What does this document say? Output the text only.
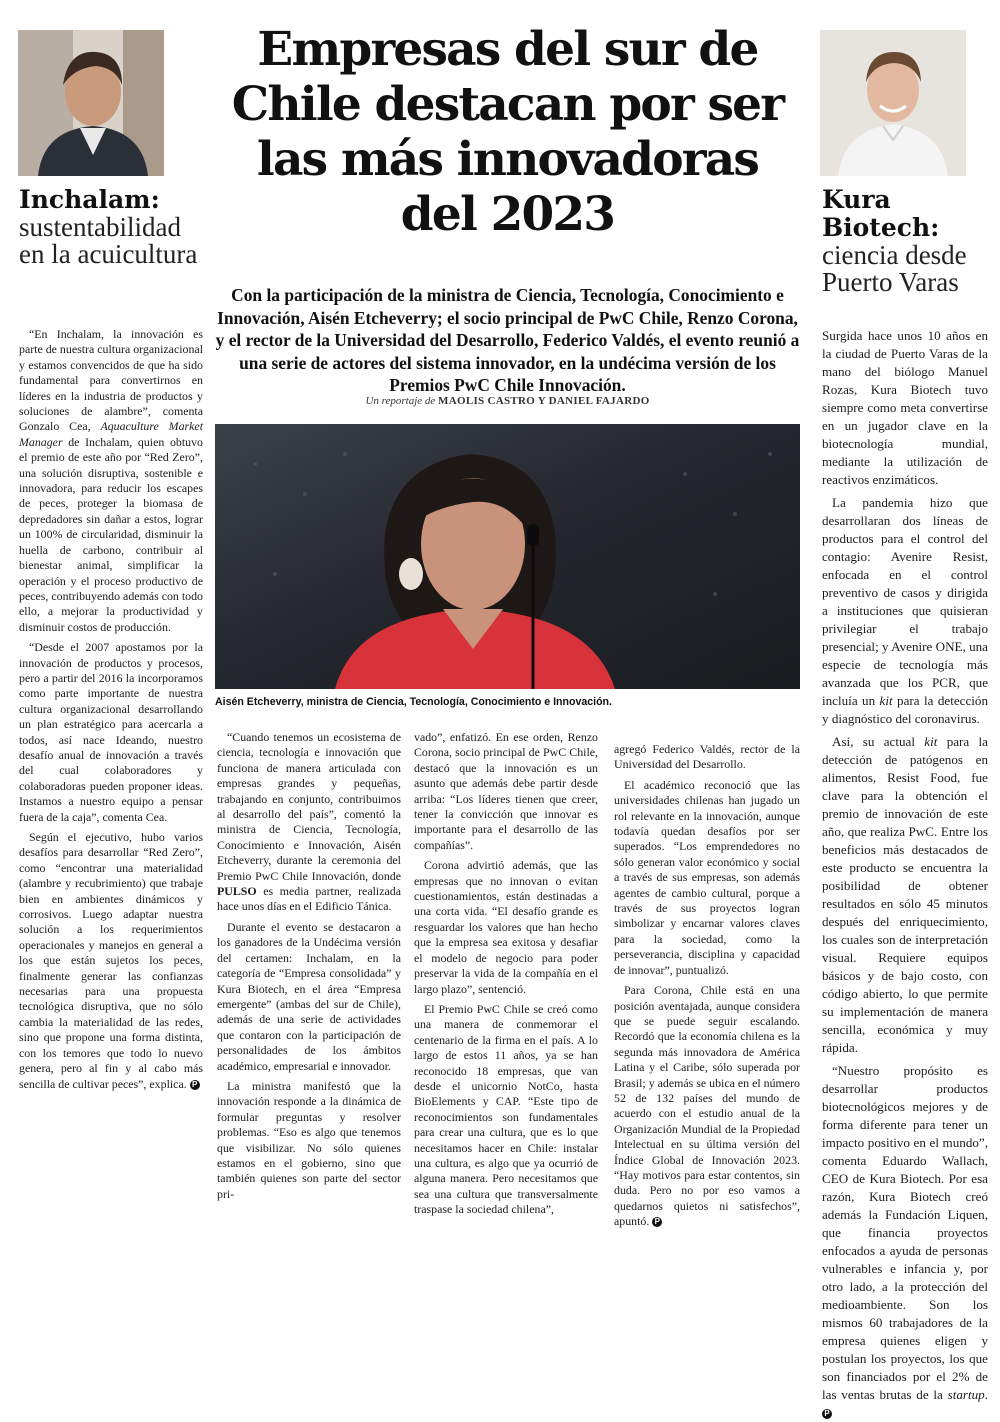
Empresas del sur de Chile destacan por ser las más innovadoras del 2023
Inchalam:
sustentabilidad en la acuicultura
Kura Biotech:
ciencia desde Puerto Varas

Con la participación de la ministra de Ciencia, Tecnología, Conocimiento e Innovación, Aisén Etcheverry; el socio principal de PwC Chile, Renzo Corona, y el rector de la Universidad del Desarrollo, Federico Valdés, el evento reunió a una serie de actores del sistema innovador, en la undécima versión de los Premios PwC Chile Innovación.

Un reportaje de MAOLIS CASTRO Y DANIEL FAJARDO

Aisén Etcheverry, ministra de Ciencia, Tecnología, Conocimiento e Innovación.

“En Inchalam, la innovación es parte de nuestra cultura organizacional y estamos convencidos de que ha sido fundamental para convertirnos en líderes en la industria de productos y soluciones de alambre”, comenta Gonzalo Cea, Aquaculture Market Manager de Inchalam, quien obtuvo el premio de este año por “Red Zero”, una solución disruptiva, sostenible e innovadora, para reducir los escapes de peces, proteger la biomasa de depredadores sin dañar a estos, lograr un 100% de circularidad, disminuir la huella de carbono, contribuir al bienestar animal, simplificar la operación y el proceso productivo de peces, contribuyendo además con todo ello, a mejorar la productividad y disminuir costos de producción.

“Desde el 2007 apostamos por la innovación de productos y procesos, pero a partir del 2016 la incorporamos como parte importante de nuestra cultura organizacional desarrollando un plan estratégico para acercarla a todos, así nace Ideando, nuestro desafío anual de innovación a través del cual colaboradores y colaboradoras pueden proponer ideas. Instamos a nuestro equipo a pensar fuera de la caja”, comenta Cea.

Según el ejecutivo, hubo varios desafíos para desarrollar “Red Zero”, como “encontrar una materialidad (alambre y recubrimiento) que trabaje bien en ambientes dinámicos y corrosivos. Luego adaptar nuestra solución a los requerimientos operacionales y manejos en general a los que están sujetos los peces, finalmente generar las confianzas necesarias para una propuesta tecnológica disruptiva, que no sólo cambia la materialidad de las redes, sino que propone una forma distinta, con los temores que todo lo nuevo genera, pero al fin y al cabo más sencilla de cultivar peces”, explica. P

“Cuando tenemos un ecosistema de ciencia, tecnología e innovación que funciona de manera articulada con empresas grandes y pequeñas, trabajando en conjunto, contribuimos al desarrollo del país”, comentó la ministra de Ciencia, Tecnología, Conocimiento e Innovación, Aisén Etcheverry, durante la ceremonia del Premio PwC Chile Innovación, donde PULSO es media partner, realizada hace unos días en el Edificio Tánica.

Durante el evento se destacaron a los ganadores de la Undécima versión del certamen: Inchalam, en la categoría de “Empresa consolidada” y Kura Biotech, en el área “Empresa emergente” (ambas del sur de Chile), además de una serie de actividades que contaron con la participación de personalidades de los ámbitos académico, empresarial e innovador.

La ministra manifestó que la innovación responde a la dinámica de formular preguntas y resolver problemas. “Eso es algo que tenemos que visibilizar. No sólo quienes estamos en el gobierno, sino que también quienes son parte del sector pri-

vado”, enfatizó. En ese orden, Renzo Corona, socio principal de PwC Chile, destacó que la innovación es un asunto que además debe partir desde arriba: “Los líderes tienen que creer, tener la convicción que innovar es importante para el desarrollo de las compañías”.

Corona advirtió además, que las empresas que no innovan o evitan cuestionamientos, están destinadas a una corta vida. “El desafío grande es resguardar los valores que han hecho que la empresa sea exitosa y desafiar el modelo de negocio para poder preservar la vida de la compañía en el largo plazo”, sentenció.

El Premio PwC Chile se creó como una manera de conmemorar el centenario de la firma en el país. A lo largo de estos 11 años, ya se han reconocido 18 empresas, que van desde el unicornio NotCo, hasta BioElements y CAP. “Este tipo de reconocimientos son fundamentales para crear una cultura, que es lo que necesitamos hacer en Chile: instalar una cultura, es algo que ya ocurrió de alguna manera. Pero necesitamos que sea una cultura que transversalmente traspase la sociedad chilena”,

agregó Federico Valdés, rector de la Universidad del Desarrollo.

El académico reconoció que las universidades chilenas han jugado un rol relevante en la innovación, aunque todavía quedan desafíos por ser superados. “Los emprendedores no sólo generan valor económico y social a través de sus empresas, son además agentes de cambio cultural, porque a través de sus proyectos logran simbolizar y encarnar valores claves para la sociedad, como la perseverancia, disciplina y capacidad de innovar”, puntualizó.

Para Corona, Chile está en una posición aventajada, aunque considera que se puede seguir escalando. Recordó que la economía chilena es la segunda más innovadora de América Latina y el Caribe, sólo superada por Brasil; y además se ubica en el número 52 de 132 países del mundo de acuerdo con el estudio anual de la Organización Mundial de la Propiedad Intelectual en su última versión del Índice Global de Innovación 2023. “Hay motivos para estar contentos, sin duda. Pero no por eso vamos a quedarnos quietos ni satisfechos”, apuntó. P

Surgida hace unos 10 años en la ciudad de Puerto Varas de la mano del biólogo Manuel Rozas, Kura Biotech tuvo siempre como meta convertirse en un jugador clave en la biotecnología mundial, mediante la utilización de reactivos enzimáticos.

La pandemia hizo que desarrollaran dos líneas de productos para el control del contagio: Avenire Resist, enfocada en el control preventivo de casos y dirigida a instituciones que quisieran privilegiar el trabajo presencial; y Avenire ONE, una especie de tecnología más avanzada que los PCR, que incluía un kit para la detección y diagnóstico del coronavirus.

Así, su actual kit para la detección de patógenos en alimentos, Resist Food, fue clave para la obtención el premio de innovación de este año, que realiza PwC. Entre los beneficios más destacados de este producto se encuentra la posibilidad de obtener resultados en sólo 45 minutos después del enriquecimiento, los cuales son de interpretación visual. Requiere equipos básicos y de bajo costo, con código abierto, lo que permite su implementación de manera sencilla, económica y muy rápida.

“Nuestro propósito es desarrollar productos biotecnológicos mejores y de forma diferente para tener un impacto positivo en el mundo”, comenta Eduardo Wallach, CEO de Kura Biotech. Por esa razón, Kura Biotech creó además la Fundación Liquen, que financia proyectos enfocados a ayuda de personas vulnerables e infancia y, por otro lado, a la protección del medioambiente. Son los mismos 60 trabajadores de la empresa quienes eligen y postulan los proyectos, los que son financiados por el 2% de las ventas brutas de la startup. P
